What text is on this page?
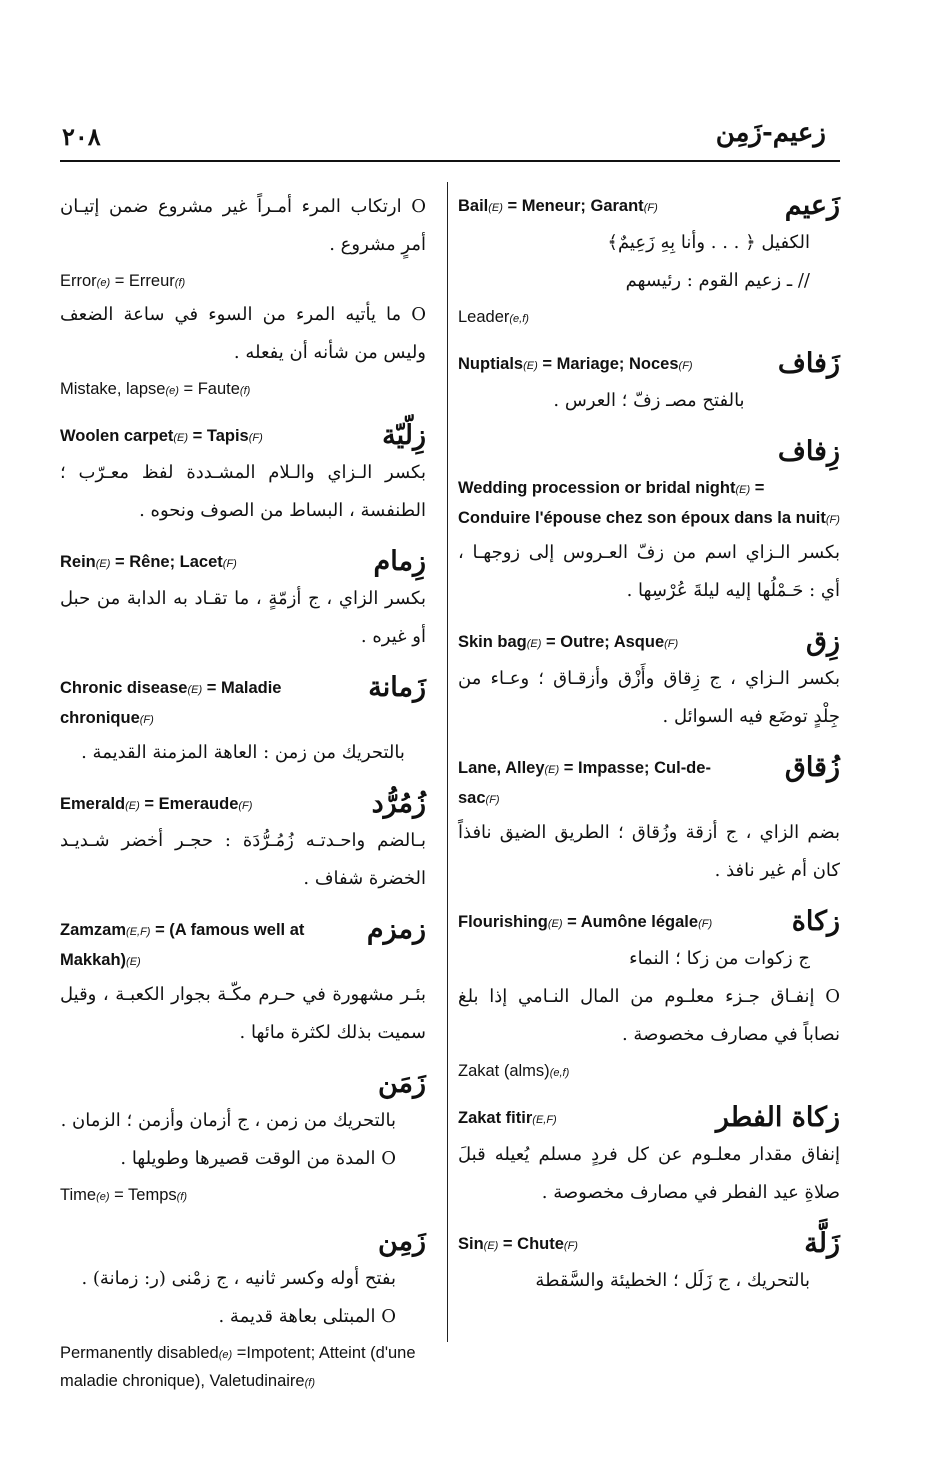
زعيم-زَمِن
٢٠٨
زَعيم
Bail(E) = Meneur; Garant(F)
الكفيل ﴿ . . . وأنا بِهِ زَعِيمٌ﴾
// ـ زعيم القوم : رئيسهم
Leader(e,f)
زَفاف
Nuptials(E) = Mariage; Noces(F)
بالفتح مصـ زفّ ؛ العرس .
زِفاف
Wedding procession or bridal night(E) = Conduire l'épouse chez son époux dans la nuit(F)
بكسر الـزاي اسم من زفّ العـروس إلى زوجهـا ، أي : حَـمْلُها إليه ليلةَ عُرْسِها .
زِق
Skin bag(E) = Outre; Asque(F)
بكسر الـزاي ، ج زِقاق وأَزْق وأزقـاق ؛ وعـاء من جِلْدٍ توضَع فيه السوائل .
زُقاق
Lane, Alley(E) = Impasse; Cul-de-sac(F)
بضم الزاي ، ج أزقة وزُقاق ؛ الطريق الضيق نافذاً كان أم غير نافذ .
زكاة
Flourishing(E) = Aumône légale(F)
ج زكوات من زكا ؛ النماء
O إنفـاق جـزء معلـوم من المال النـامي إذا بلغ نصاباً في مصارف مخصوصة .
Zakat (alms)(e,f)
زكاة الفطر
Zakat fitir(E,F)
إنفاق مقدار معلـوم عن كل فردٍ مسلم يُعيله قبلَ صلاةِ عيد الفطر في مصارف مخصوصة .
زَلَّة
Sin(E) = Chute(F)
بالتحريك ، ج زَلَل ؛ الخطيئة والسَّقطة
O ارتكاب المرء أمـراً غير مشروع ضمن إتيـان أمرٍ مشروع .
Error(e) = Erreur(f)
O ما يأتيه المرء من السوء في ساعة الضعف وليس من شأنه أن يفعله .
Mistake, lapse(e) = Faute(f)
زِلّيّة
Woolen carpet(E) = Tapis(F)
بكسر الـزاي والـلام المشـددة لفظ معـرّب ؛ الطنفسة ، البساط من الصوف ونحوه .
زِمام
Rein(E) = Rêne; Lacet(F)
بكسر الزاي ، ج أزمّةٍ ، ما تقـاد به الدابة من حبل أو غيره .
زَمانة
Chronic disease(E) = Maladie chronique(F)
بالتحريك من زمن : العاهة المزمنة القديمة .
زُمُرُّد
Emerald(E) = Emeraude(F)
بـالضم واحـدتـه زُمُـرُّدَة : حجـر أخضر شـديـد الخضرة شفاف .
زمزم
Zamzam(E,F) = (A famous well at Makkah)(E)
بئـر مشهورة في حـرم مكّـة بجوار الكعبـة ، وقيل سميت بذلك لكثرة مائها .
زَمَن
بالتحريك من زمن ، ج أزمان وأزمن ؛ الزمان .
O المدة من الوقت قصيرها وطويلها .
Time(e) = Temps(f)
زَمِن
بفتح أوله وكسر ثانيه ، ج زمْنى (ر: زمانة) .
O المبتلى بعاهة قديمة .
Permanently disabled(e) =Impotent; Atteint (d'une maladie chronique), Valetudinaire(f)
